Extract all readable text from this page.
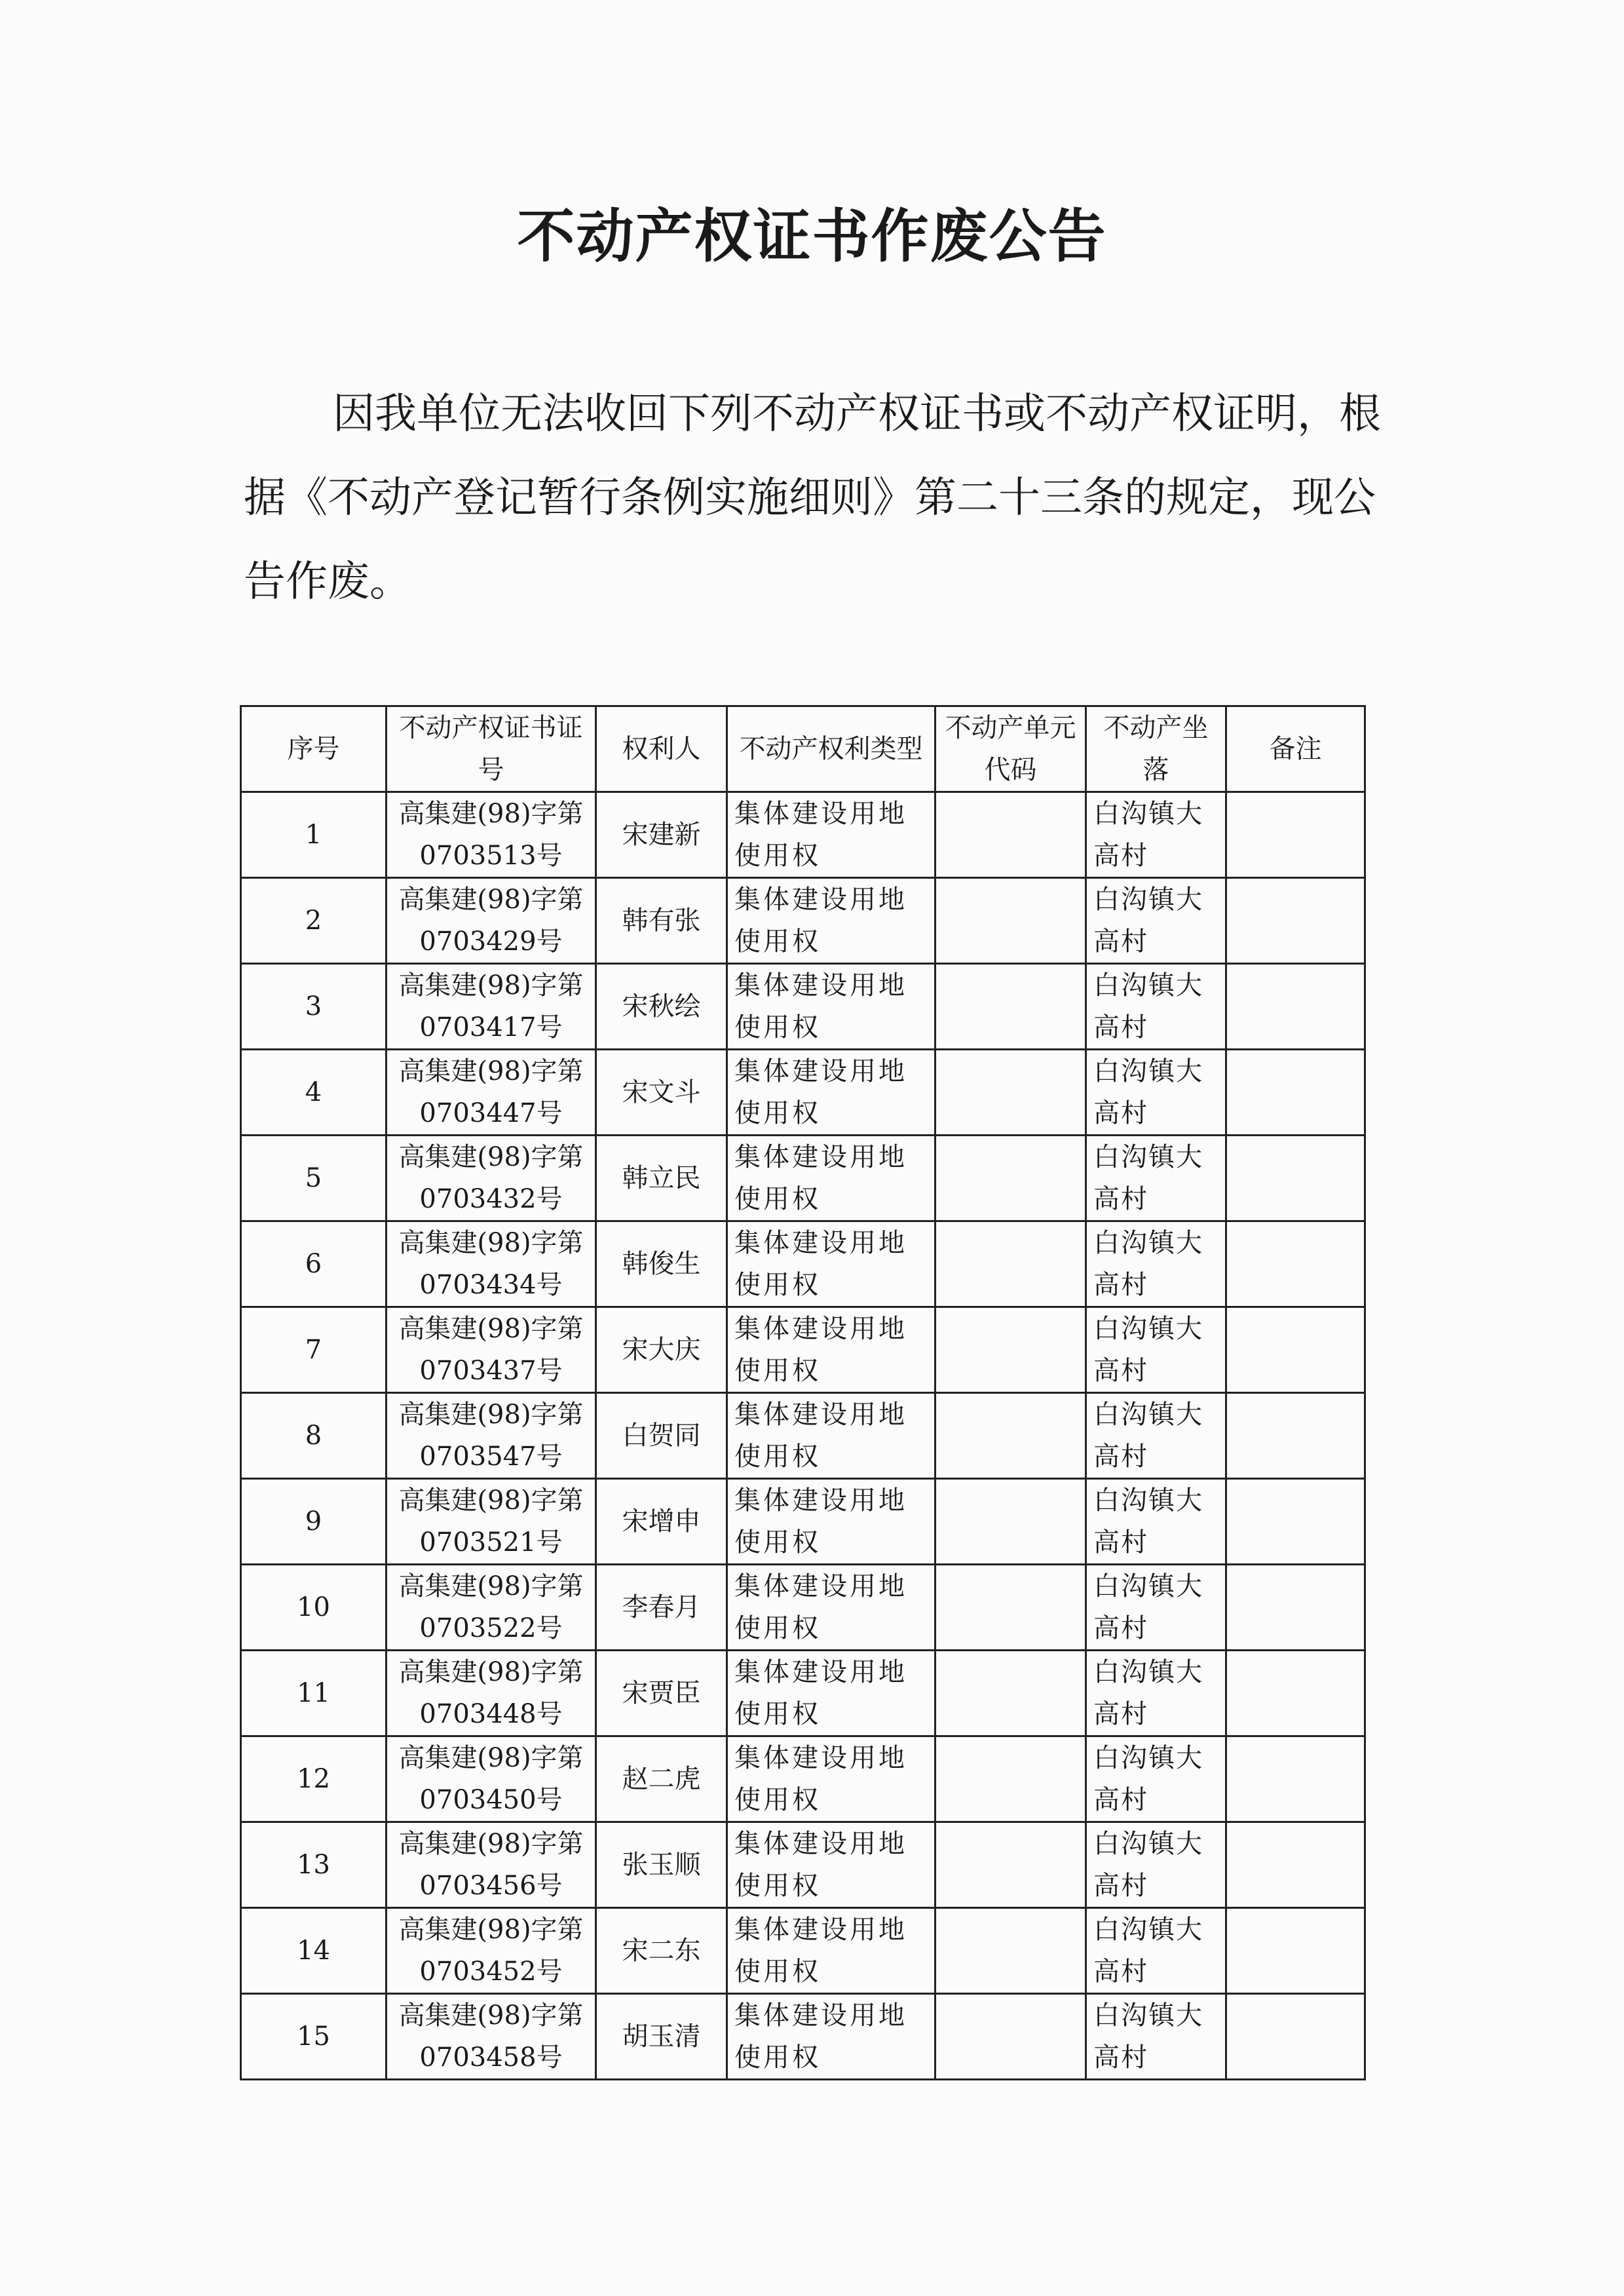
不动产权证书作废公告

因我单位无法收回下列不动产权证书或不动产权证明，根据《不动产登记暂行条例实施细则》第二十三条的规定，现公告作废。

序号	不动产权证书证号	权利人	不动产权利类型	不动产单元代码	不动产坐落	备注
1	高集建(98)字第0703513号	宋建新	集体建设用地使用权		白沟镇大高村	
2	高集建(98)字第0703429号	韩有张	集体建设用地使用权		白沟镇大高村	
3	高集建(98)字第0703417号	宋秋绘	集体建设用地使用权		白沟镇大高村	
4	高集建(98)字第0703447号	宋文斗	集体建设用地使用权		白沟镇大高村	
5	高集建(98)字第0703432号	韩立民	集体建设用地使用权		白沟镇大高村	
6	高集建(98)字第0703434号	韩俊生	集体建设用地使用权		白沟镇大高村	
7	高集建(98)字第0703437号	宋大庆	集体建设用地使用权		白沟镇大高村	
8	高集建(98)字第0703547号	白贺同	集体建设用地使用权		白沟镇大高村	
9	高集建(98)字第0703521号	宋增申	集体建设用地使用权		白沟镇大高村	
10	高集建(98)字第0703522号	李春月	集体建设用地使用权		白沟镇大高村	
11	高集建(98)字第0703448号	宋贾臣	集体建设用地使用权		白沟镇大高村	
12	高集建(98)字第0703450号	赵二虎	集体建设用地使用权		白沟镇大高村	
13	高集建(98)字第0703456号	张玉顺	集体建设用地使用权		白沟镇大高村	
14	高集建(98)字第0703452号	宋二东	集体建设用地使用权		白沟镇大高村	
15	高集建(98)字第0703458号	胡玉清	集体建设用地使用权		白沟镇大高村	
